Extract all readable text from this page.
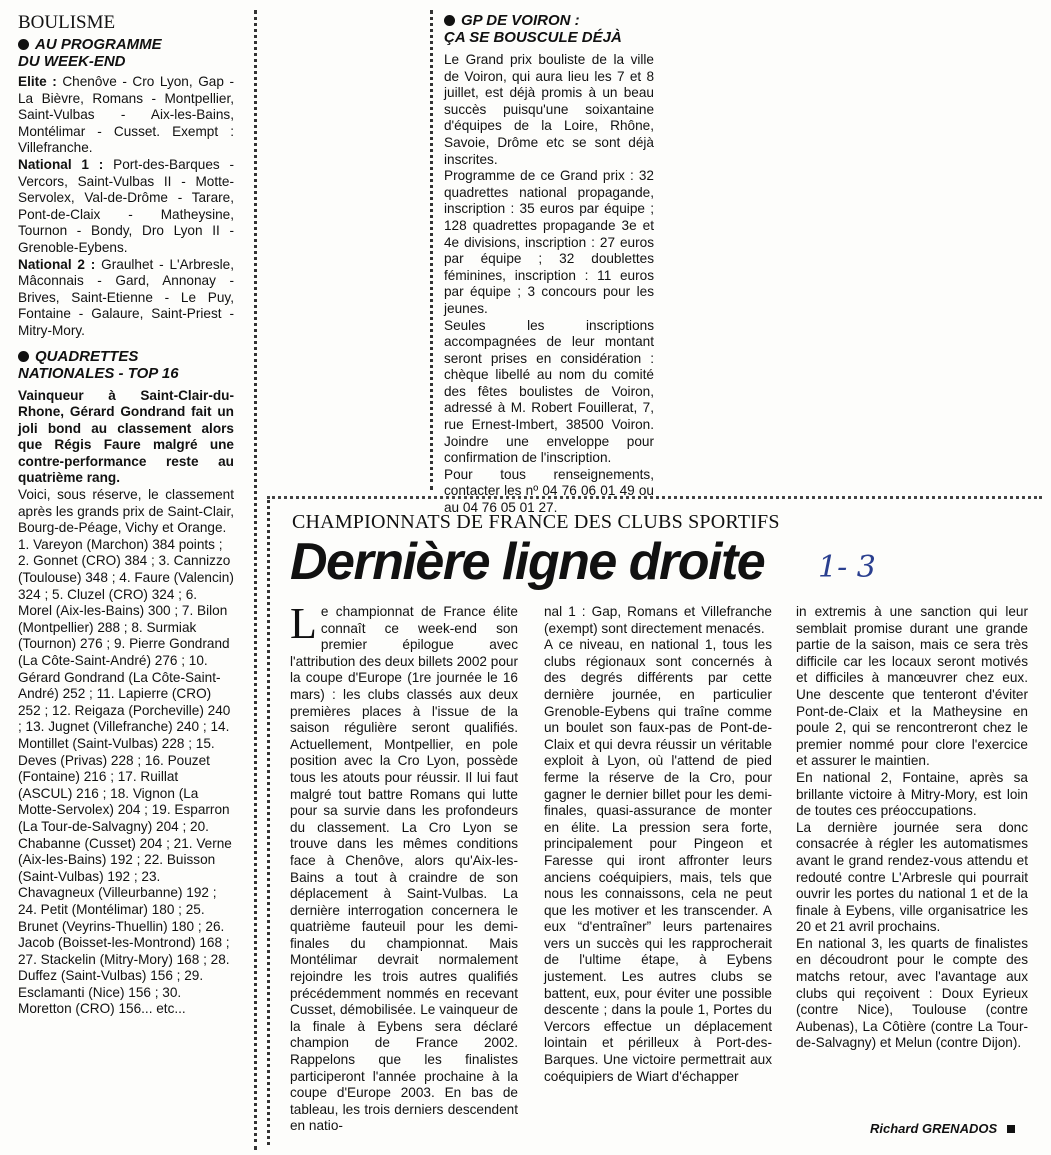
BOULISME
AU PROGRAMME
DU WEEK-END

Elite : Chenôve - Cro Lyon, Gap - La Bièvre, Romans - Montpellier, Saint-Vulbas - Aix-les-Bains, Montélimar - Cusset. Exempt : Villefranche.

National 1 : Port-des-Barques - Vercors, Saint-Vulbas II - Motte-Servolex, Val-de-Drôme - Tarare, Pont-de-Claix - Matheysine, Tournon - Bondy, Dro Lyon II - Grenoble-Eybens.

National 2 : Graulhet - L'Arbresle, Mâconnais - Gard, Annonay - Brives, Saint-Etienne - Le Puy, Fontaine - Galaure, Saint-Priest - Mitry-Mory.

QUADRETTES
NATIONALES - TOP 16

Vainqueur à Saint-Clair-du-Rhone, Gérard Gondrand fait un joli bond au classement alors que Régis Faure malgré une contre-performance reste au quatrième rang.

Voici, sous réserve, le classement après les grands prix de Saint-Clair, Bourg-de-Péage, Vichy et Orange.

1. Vareyon (Marchon) 384 points ; 2. Gonnet (CRO) 384 ; 3. Cannizzo (Toulouse) 348 ; 4. Faure (Valencin) 324 ; 5. Cluzel (CRO) 324 ; 6. Morel (Aix-les-Bains) 300 ; 7. Bilon (Montpellier) 288 ; 8. Surmiak (Tournon) 276 ; 9. Pierre Gondrand (La Côte-Saint-André) 276 ; 10. Gérard Gondrand (La Côte-Saint-André) 252 ; 11. Lapierre (CRO) 252 ; 12. Reigaza (Porcheville) 240 ; 13. Jugnet (Villefranche) 240 ; 14. Montillet (Saint-Vulbas) 228 ; 15. Deves (Privas) 228 ; 16. Pouzet (Fontaine) 216 ; 17. Ruillat (ASCUL) 216 ; 18. Vignon (La Motte-Servolex) 204 ; 19. Esparron (La Tour-de-Salvagny) 204 ; 20. Chabanne (Cusset) 204 ; 21. Verne (Aix-les-Bains) 192 ; 22. Buisson (Saint-Vulbas) 192 ; 23. Chavagneux (Villeurbanne) 192 ; 24. Petit (Montélimar) 180 ; 25. Brunet (Veyrins-Thuellin) 180 ; 26. Jacob (Boisset-les-Montrond) 168 ; 27. Stackelin (Mitry-Mory) 168 ; 28. Duffez (Saint-Vulbas) 156 ; 29. Esclamanti (Nice) 156 ; 30. Moretton (CRO) 156... etc...

GP DE VOIRON :
ÇA SE BOUSCULE DÉJÀ

Le Grand prix bouliste de la ville de Voiron, qui aura lieu les 7 et 8 juillet, est déjà promis à un beau succès puisqu'une soixantaine d'équipes de la Loire, Rhône, Savoie, Drôme etc se sont déjà inscrites.

Programme de ce Grand prix : 32 quadrettes national propagande, inscription : 35 euros par équipe ; 128 quadrettes propagande 3e et 4e divisions, inscription : 27 euros par équipe ; 32 doublettes féminines, inscription : 11 euros par équipe ; 3 concours pour les jeunes.

Seules les inscriptions accompagnées de leur montant seront prises en considération : chèque libellé au nom du comité des fêtes boulistes de Voiron, adressé à M. Robert Fouillerat, 7, rue Ernest-Imbert, 38500 Voiron. Joindre une enveloppe pour confirmation de l'inscription.

Pour tous renseignements, contacter les nº 04 76 06 01 49 ou au 04 76 05 01 27.

CHAMPIONNATS DE FRANCE DES CLUBS SPORTIFS
Dernière ligne droite 1- 3

Le championnat de France élite connaît ce week-end son premier épilogue avec l'attribution des deux billets 2002 pour la coupe d'Europe (1re journée le 16 mars) : les clubs classés aux deux premières places à l'issue de la saison régulière seront qualifiés. Actuellement, Montpellier, en pole position avec la Cro Lyon, possède tous les atouts pour réussir. Il lui faut malgré tout battre Romans qui lutte pour sa survie dans les profondeurs du classement. La Cro Lyon se trouve dans les mêmes conditions face à Chenôve, alors qu'Aix-les-Bains a tout à craindre de son déplacement à Saint-Vulbas. La dernière interrogation concernera le quatrième fauteuil pour les demi-finales du championnat. Mais Montélimar devrait normalement rejoindre les trois autres qualifiés précédemment nommés en recevant Cusset, démobilisée. Le vainqueur de la finale à Eybens sera déclaré champion de France 2002. Rappelons que les finalistes participeront l'année prochaine à la coupe d'Europe 2003. En bas de tableau, les trois derniers descendent en natio-

nal 1 : Gap, Romans et Villefranche (exempt) sont directement menacés.

A ce niveau, en national 1, tous les clubs régionaux sont concernés à des degrés différents par cette dernière journée, en particulier Grenoble-Eybens qui traîne comme un boulet son faux-pas de Pont-de-Claix et qui devra réussir un véritable exploit à Lyon, où l'attend de pied ferme la réserve de la Cro, pour gagner le dernier billet pour les demi-finales, quasi-assurance de monter en élite. La pression sera forte, principalement pour Pingeon et Faresse qui iront affronter leurs anciens coéquipiers, mais, tels que nous les connaissons, cela ne peut que les motiver et les transcender. A eux “d'entraîner” leurs partenaires vers un succès qui les rapprocherait de l'ultime étape, à Eybens justement. Les autres clubs se battent, eux, pour éviter une possible descente ; dans la poule 1, Portes du Vercors effectue un déplacement lointain et périlleux à Port-des-Barques. Une victoire permettrait aux coéquipiers de Wiart d'échapper

in extremis à une sanction qui leur semblait promise durant une grande partie de la saison, mais ce sera très difficile car les locaux seront motivés et difficiles à manœuvrer chez eux. Une descente que tenteront d'éviter Pont-de-Claix et la Matheysine en poule 2, qui se rencontreront chez le premier nommé pour clore l'exercice et assurer le maintien.

En national 2, Fontaine, après sa brillante victoire à Mitry-Mory, est loin de toutes ces préoccupations.

La dernière journée sera donc consacrée à régler les automatismes avant le grand rendez-vous attendu et redouté contre L'Arbresle qui pourrait ouvrir les portes du national 1 et de la finale à Eybens, ville organisatrice les 20 et 21 avril prochains.

En national 3, les quarts de finalistes en découdront pour le compte des matchs retour, avec l'avantage aux clubs qui reçoivent : Doux Eyrieux (contre Nice), Toulouse (contre Aubenas), La Côtière (contre La Tour-de-Salvagny) et Melun (contre Dijon).

Richard GRENADOS
